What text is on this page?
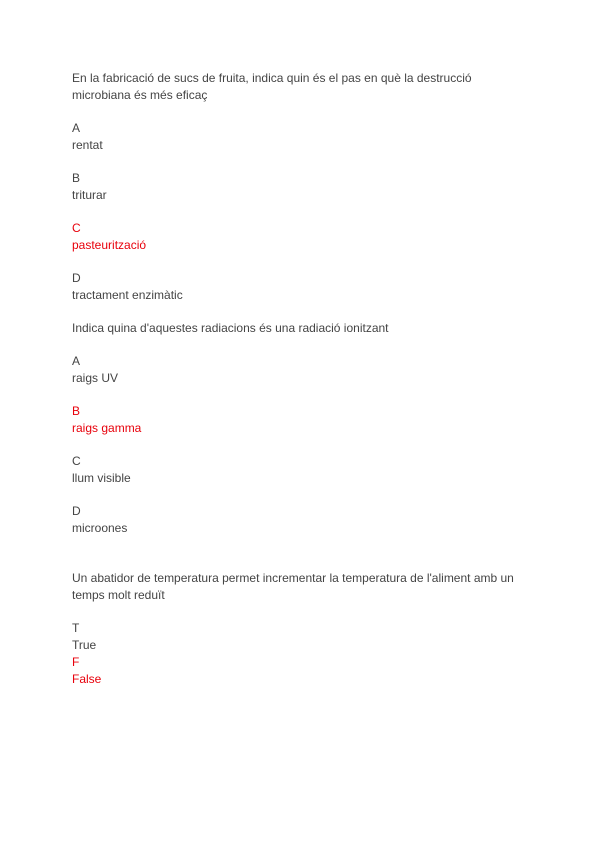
En la fabricació de sucs de fruita, indica quin és el pas en què la destrucció microbiana és més eficaç

A
rentat
B
triturar
C
pasteurització
D
tractament enzimàtic

Indica quina d'aquestes radiacions és una radiació ionitzant

A
raigs UV
B
raigs gamma
C
llum visible
D
microones

Un abatidor de temperatura permet incrementar la temperatura de l'aliment amb un temps molt reduït

T
True
F
False
